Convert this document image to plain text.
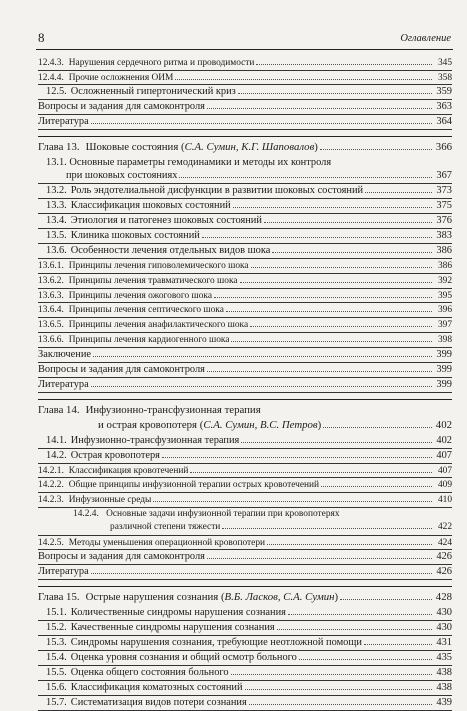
8	Оглавление
12.4.3. Нарушения сердечного ритма и проводимости	345
12.4.4. Прочие осложнения ОИМ	358
12.5. Осложненный гипертонический криз	359
Вопросы и задания для самоконтроля	363
Литература	364
Глава 13. Шоковые состояния (С.А. Сумин, К.Г. Шаповалов)	366
13.1. Основные параметры гемодинамики и методы их контроля
при шоковых состояниях	367
13.2. Роль эндотелиальной дисфункции в развитии шоковых состояний	373
13.3. Классификация шоковых состояний	375
13.4. Этиология и патогенез шоковых состояний	376
13.5. Клиника шоковых состояний	383
13.6. Особенности лечения отдельных видов шока	386
13.6.1. Принципы лечения гиповолемического шока	386
13.6.2. Принципы лечения травматического шока	392
13.6.3. Принципы лечения ожогового шока	395
13.6.4. Принципы лечения септического шока	396
13.6.5. Принципы лечения анафилактического шока	397
13.6.6. Принципы лечения кардиогенного шока	398
Заключение	399
Вопросы и задания для самоконтроля	399
Литература	399
Глава 14. Инфузионно-трансфузионная терапия
и острая кровопотеря (С.А. Сумин, В.С. Петров)	402
14.1. Инфузионно-трансфузионная терапия	402
14.2. Острая кровопотеря	407
14.2.1. Классификация кровотечений	407
14.2.2. Общие принципы инфузионной терапии острых кровотечений	409
14.2.3. Инфузионные среды	410
14.2.4. Основные задачи инфузионной терапии при кровопотерях
различной степени тяжести	422
14.2.5. Методы уменьшения операционной кровопотери	424
Вопросы и задания для самоконтроля	426
Литература	426
Глава 15. Острые нарушения сознания (В.Б. Ласков, С.А. Сумин)	428
15.1. Количественные синдромы нарушения сознания	430
15.2. Качественные синдромы нарушения сознания	430
15.3. Синдромы нарушения сознания, требующие неотложной помощи	431
15.4. Оценка уровня сознания и общий осмотр больного	435
15.5. Оценка общего состояния больного	438
15.6. Классификация коматозных состояний	438
15.7. Систематизация видов потери сознания	439
